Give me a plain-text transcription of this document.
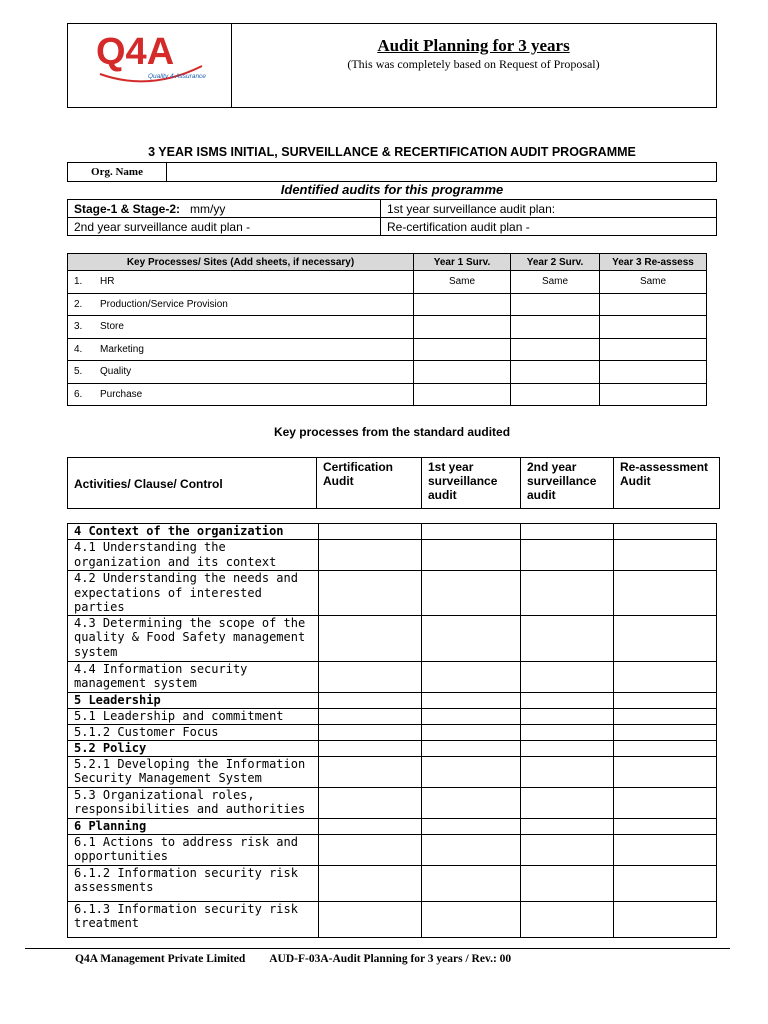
Q4A
Quality 4 Assurance
Audit Planning for 3 years
(This was completely based on Request of Proposal)
3 YEAR ISMS INITIAL, SURVEILLANCE & RECERTIFICATION AUDIT PROGRAMME
Org. Name	
Identified audits for this programme
Stage-1 & Stage-2: mm/yy	1st year surveillance audit plan:
2nd year surveillance audit plan -	Re-certification audit plan -
Key Processes/ Sites (Add sheets, if necessary)	Year 1 Surv.	Year 2 Surv.	Year 3 Re-assess
1. HR	Same	Same	Same
2. Production/Service Provision			
3. Store			
4. Marketing			
5. Quality			
6. Purchase			
Key processes from the standard audited
Activities/ Clause/ Control	Certification Audit	1st year surveillance audit	2nd year surveillance audit	Re-assessment Audit
4 Context of the organization				
4.1 Understanding the organization and its context				
4.2 Understanding the needs and expectations of interested parties				
4.3 Determining the scope of the quality & Food Safety management system				
4.4 Information security management system				
5 Leadership				
5.1 Leadership and commitment				
5.1.2 Customer Focus				
5.2 Policy				
5.2.1 Developing the Information Security Management System				
5.3 Organizational roles, responsibilities and authorities				
6 Planning				
6.1 Actions to address risk and opportunities				
6.1.2 Information security risk assessments				
6.1.3 Information security risk treatment				
Q4A Management Private Limited AUD-F-03A-Audit Planning for 3 years / Rev.: 00
